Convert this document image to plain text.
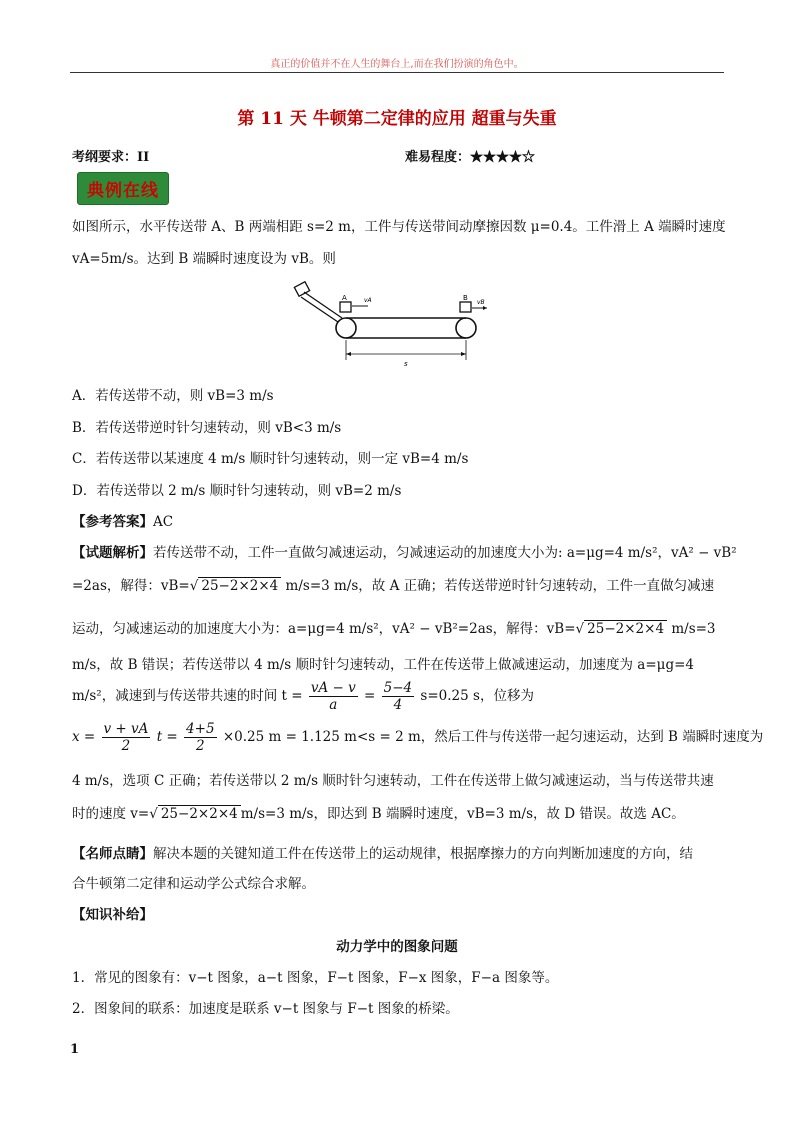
真正的价值并不在人生的舞台上,而在我们扮演的角色中。
第 11 天 牛顿第二定律的应用 超重与失重
考纲要求：II	难易程度：★★★★☆
典例在线
如图所示，水平传送带 A、B 两端相距 s=2 m，工件与传送带间动摩擦因数 μ=0.4。工件滑上 A 端瞬时速度
vA=5m/s。达到 B 端瞬时速度设为 vB。则
A	vA	B
vB
s
A．若传送带不动，则 vB=3 m/s
B．若传送带逆时针匀速转动，则 vB<3 m/s
C．若传送带以某速度 4 m/s 顺时针匀速转动，则一定 vB=4 m/s
D．若传送带以 2 m/s 顺时针匀速转动，则 vB=2 m/s
【参考答案】AC
【试题解析】若传送带不动，工件一直做匀减速运动，匀减速运动的加速度大小为: a=μg=4 m/s²，vA² − vB²
=2as，解得：vB=√ 25−2×2×4 m/s=3 m/s，故 A 正确；若传送带逆时针匀速转动，工件一直做匀减速
运动，匀减速运动的加速度大小为：a=μg=4 m/s²，vA² − vB²=2as，解得：vB=√ 25−2×2×4 m/s=3
m/s，故 B 错误；若传送带以 4 m/s 顺时针匀速转动，工件在传送带上做减速运动，加速度为 a=μg=4
m/s²，减速到与传送带共速的时间 $t = \frac{vA - v}{a} = \frac{5-4}{4} s=0.25$ s，位移为
$x = \frac{v + vA}{2}$ $t = \frac{4+5}{2} \times 0.25$ m = 1.125 m<s = 2 m，然后工件与传送带一起匀速运动，达到 B 端瞬时速度为
4 m/s，选项 C 正确；若传送带以 2 m/s 顺时针匀速转动，工件在传送带上做匀减速运动，当与传送带共速
时的速度 v=√ 25−2×2×4 m/s=3 m/s，即达到 B 端瞬时速度，vB=3 m/s，故 D 错误。故选 AC。
【名师点睛】解决本题的关键知道工件在传送带上的运动规律，根据摩擦力的方向判断加速度的方向，结
合牛顿第二定律和运动学公式综合求解。
【知识补给】
动力学中的图象问题
1．常见的图象有：v−t 图象，a−t 图象，F−t 图象，F−x 图象，F−a 图象等。
2．图象间的联系：加速度是联系 v−t 图象与 F−t 图象的桥梁。
1
